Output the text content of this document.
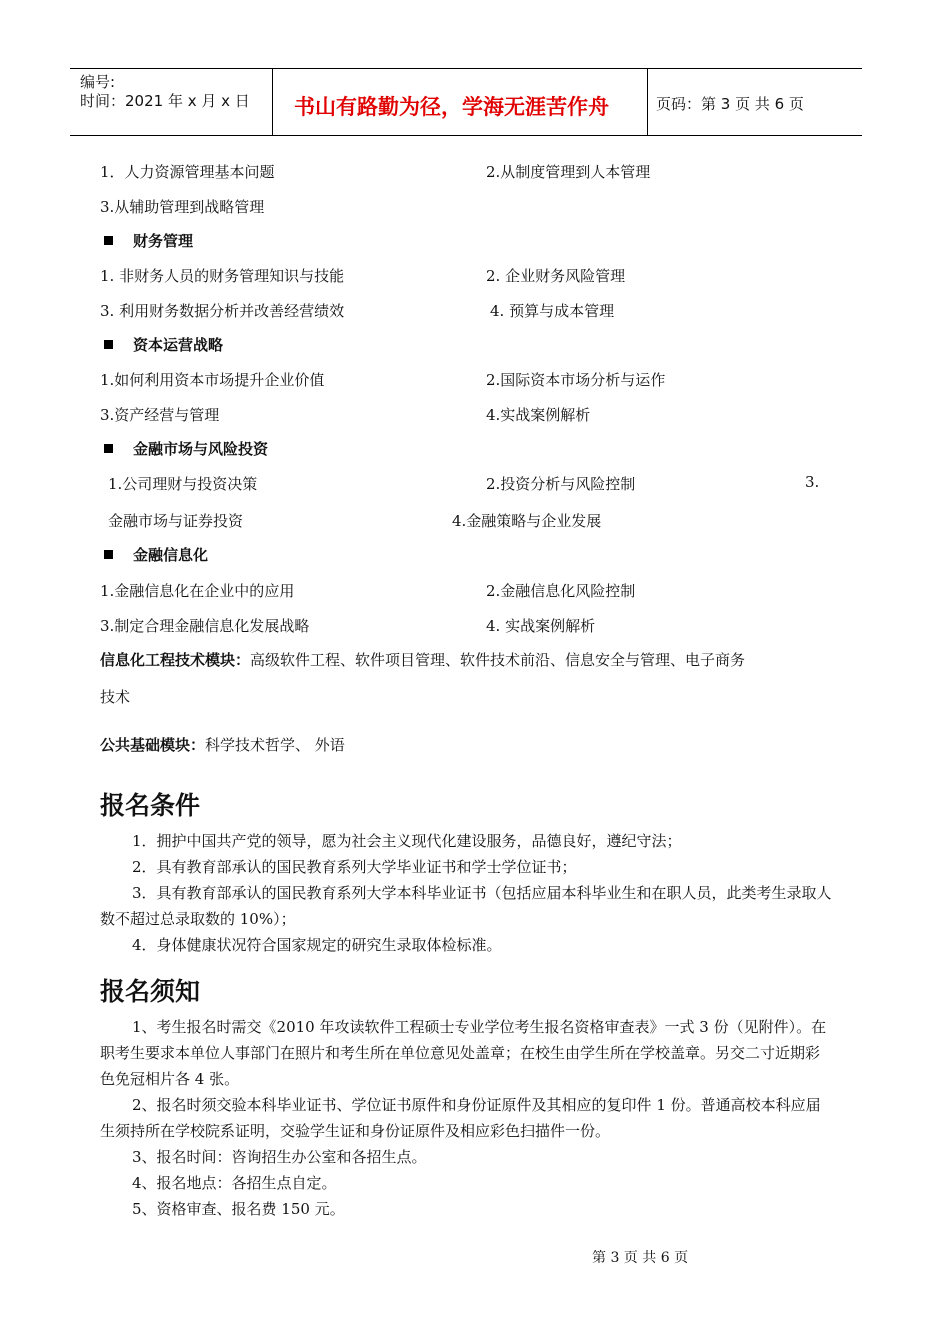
编号:
时间：2021 年 x 月 x 日 书山有路勤为径，学海无涯苦作舟	页码：第 3 页 共 6 页
1．人力资源管理基本问题	2.从制度管理到人本管理
3.从辅助管理到战略管理
财务管理
1. 非财务人员的财务管理知识与技能	2. 企业财务风险管理
3. 利用财务数据分析并改善经营绩效	4. 预算与成本管理
资本运营战略
1.如何利用资本市场提升企业价值	2.国际资本市场分析与运作
3.资产经营与管理	4.实战案例解析
金融市场与风险投资
1.公司理财与投资决策	2.投资分析与风险控制	3.
金融市场与证券投资	4.金融策略与企业发展
金融信息化
1.金融信息化在企业中的应用	2.金融信息化风险控制
3.制定合理金融信息化发展战略	4. 实战案例解析
信息化工程技术模块：高级软件工程、软件项目管理、软件技术前沿、信息安全与管理、电子商务
技术
公共基础模块：科学技术哲学、 外语
报名条件
1．拥护中国共产党的领导，愿为社会主义现代化建设服务，品德良好，遵纪守法；
2．具有教育部承认的国民教育系列大学毕业证书和学士学位证书；
3．具有教育部承认的国民教育系列大学本科毕业证书（包括应届本科毕业生和在职人员，此类考生录取人数不超过总录取数的 10%）；
4．身体健康状况符合国家规定的研究生录取体检标准。
报名须知
1、考生报名时需交《2010 年攻读软件工程硕士专业学位考生报名资格审查表》一式 3 份（见附件）。在职考生要求本单位人事部门在照片和考生所在单位意见处盖章；在校生由学生所在学校盖章。另交二寸近期彩色免冠相片各 4 张。
2、报名时须交验本科毕业证书、学位证书原件和身份证原件及其相应的复印件 1 份。普通高校本科应届生须持所在学校院系证明，交验学生证和身份证原件及相应彩色扫描件一份。
3、报名时间：咨询招生办公室和各招生点。
4、报名地点：各招生点自定。
5、资格审查、报名费 150 元。
第 3 页 共 6 页
